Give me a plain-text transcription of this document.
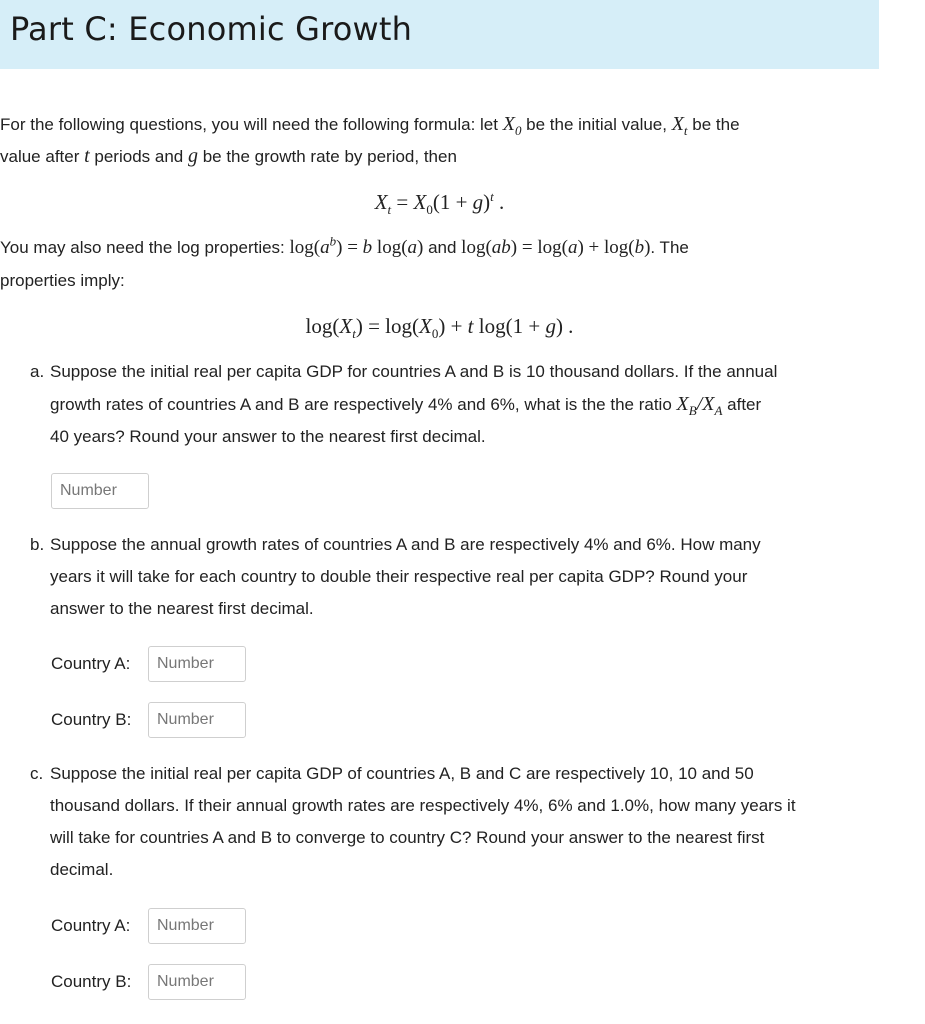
Part C: Economic Growth
For the following questions, you will need the following formula: let $X_0$ be the initial value, $X_t$ be the
value after t periods and g be the growth rate by period, then
$X_t = X_0(1 + g)^t$ .
You may also need the log properties: $\log(a^b) = b$ log(a) and log(ab) = log(a) + log(b). The
properties imply:
$\log(X_t) = \log(X_0) + t$ log(1 + g) .
a. Suppose the initial real per capita GDP for countries A and B is 10 thousand dollars. If the annual
growth rates of countries A and B are respectively 4% and 6%, what is the the ratio $X_B/X_A$ after
40 years? Round your answer to the nearest first decimal.
Number
b. Suppose the annual growth rates of countries A and B are respectively 4% and 6%. How many
years it will take for each country to double their respective real per capita GDP? Round your
answer to the nearest first decimal.
Country A:
Number
Country B:
Number
c. Suppose the initial real per capita GDP of countries A, B and C are respectively 10, 10 and 50
thousand dollars. If their annual growth rates are respectively 4%, 6% and 1.0%, how many years it
will take for countries A and B to converge to country C? Round your answer to the nearest first
decimal.
Country A:
Number
Country B:
Number
